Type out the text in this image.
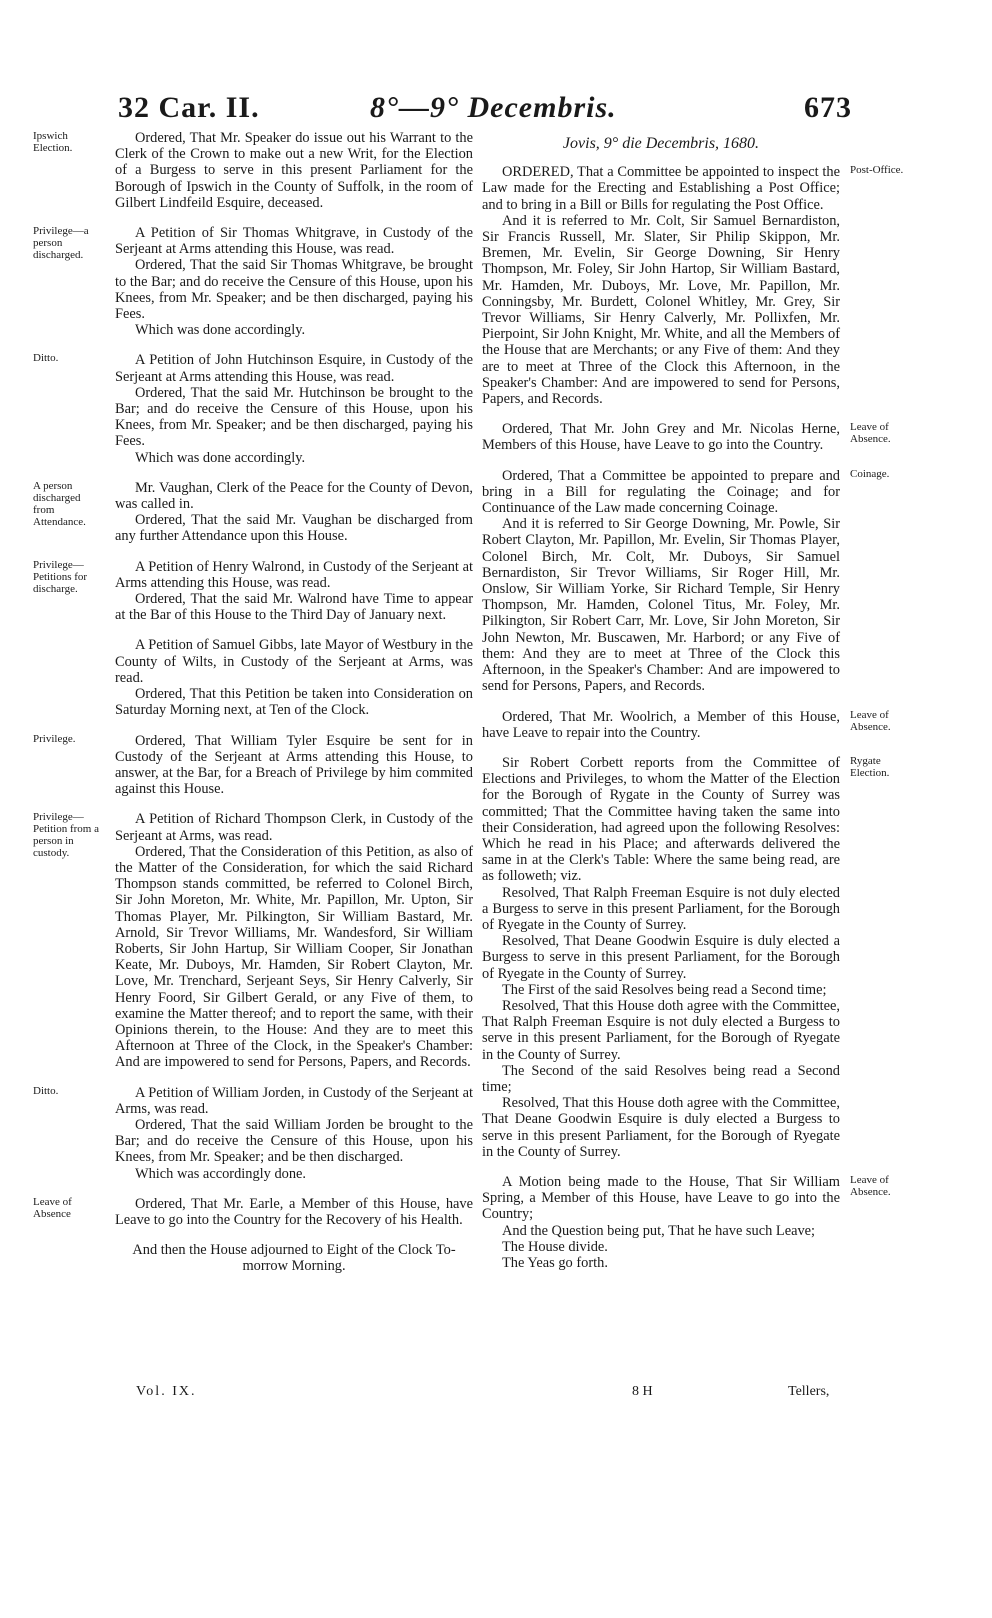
32 Car. II.	8°—9° Decembris.	673
Ipswich Election.

Ordered, That Mr. Speaker do issue out his Warrant to the Clerk of the Crown to make out a new Writ, for the Election of a Burgess to serve in this present Parliament for the Borough of Ipswich in the County of Suffolk, in the room of Gilbert Lindfeild Esquire, deceased.

Privilege—a person discharged.

A Petition of Sir Thomas Whitgrave, in Custody of the Serjeant at Arms attending this House, was read.

Ordered, That the said Sir Thomas Whitgrave, be brought to the Bar; and do receive the Censure of this House, upon his Knees, from Mr. Speaker; and be then discharged, paying his Fees.

Which was done accordingly.

Ditto.	A Petition of John Hutchinson Esquire, in Custody of the Serjeant at Arms attending this House, was read.

Ordered, That the said Mr. Hutchinson be brought to the Bar; and do receive the Censure of this House, upon his Knees, from Mr. Speaker; and be then discharged, paying his Fees.

Which was done accordingly.

A person discharged from Attendance.

Mr. Vaughan, Clerk of the Peace for the County of Devon, was called in.

Ordered, That the said Mr. Vaughan be discharged from any further Attendance upon this House.

Privilege—Petitions for discharge.

A Petition of Henry Walrond, in Custody of the Serjeant at Arms attending this House, was read.

Ordered, That the said Mr. Walrond have Time to appear at the Bar of this House to the Third Day of January next.

A Petition of Samuel Gibbs, late Mayor of Westbury in the County of Wilts, in Custody of the Serjeant at Arms, was read.

Ordered, That this Petition be taken into Consideration on Saturday Morning next, at Ten of the Clock.

Privilege.	Ordered, That William Tyler Esquire be sent for in Custody of the Serjeant at Arms attending this House, to answer, at the Bar, for a Breach of Privilege by him commited against this House.

Privilege—Petition from a person in custody.

A Petition of Richard Thompson Clerk, in Custody of the Serjeant at Arms, was read.

Ordered, That the Consideration of this Petition, as also of the Matter of the Consideration, for which the said Richard Thompson stands committed, be referred to Colonel Birch, Sir John Moreton, Mr. White, Mr. Papillon, Mr. Upton, Sir Thomas Player, Mr. Pilkington, Sir William Bastard, Mr. Arnold, Sir Trevor Williams, Mr. Wandesford, Sir William Roberts, Sir John Hartup, Sir William Cooper, Sir Jonathan Keate, Mr. Duboys, Mr. Hamden, Sir Robert Clayton, Mr. Love, Mr. Trenchard, Serjeant Seys, Sir Henry Calverly, Sir Henry Foord, Sir Gilbert Gerald, or any Five of them, to examine the Matter thereof; and to report the same, with their Opinions therein, to the House: And they are to meet this Afternoon at Three of the Clock, in the Speaker's Chamber: And are impowered to send for Persons, Papers, and Records.

Ditto.	A Petition of William Jorden, in Custody of the Serjeant at Arms, was read.

Ordered, That the said William Jorden be brought to the Bar; and do receive the Censure of this House, upon his Knees, from Mr. Speaker; and be then discharged.

Which was accordingly done.

Leave of Absence

Ordered, That Mr. Earle, a Member of this House, have Leave to go into the Country for the Recovery of his Health.

And then the House adjourned to Eight of the Clock To-morrow Morning.

Jovis, 9° die Decembris, 1680.
Post-Office.

ORDERED, That a Committee be appointed to inspect the Law made for the Erecting and Establishing a Post Office; and to bring in a Bill or Bills for regulating the Post Office.

And it is referred to Mr. Colt, Sir Samuel Bernardiston, Sir Francis Russell, Mr. Slater, Sir Philip Skippon, Mr. Bremen, Mr. Evelin, Sir George Downing, Sir Henry Thompson, Mr. Foley, Sir John Hartop, Sir William Bastard, Mr. Hamden, Mr. Duboys, Mr. Love, Mr. Papillon, Mr. Conningsby, Mr. Burdett, Colonel Whitley, Mr. Grey, Sir Trevor Williams, Sir Henry Calverly, Mr. Pollixfen, Mr. Pierpoint, Sir John Knight, Mr. White, and all the Members of the House that are Merchants; or any Five of them: And they are to meet at Three of the Clock this Afternoon, in the Speaker's Chamber: And are impowered to send for Persons, Papers, and Records.

Leave of Absence.

Ordered, That Mr. John Grey and Mr. Nicolas Herne, Members of this House, have Leave to go into the Country.

Coinage.

Ordered, That a Committee be appointed to prepare and bring in a Bill for regulating the Coinage; and for Continuance of the Law made concerning Coinage.

And it is referred to Sir George Downing, Mr. Powle, Sir Robert Clayton, Mr. Papillon, Mr. Evelin, Sir Thomas Player, Colonel Birch, Mr. Colt, Mr. Duboys, Sir Samuel Bernardiston, Sir Trevor Williams, Sir Roger Hill, Mr. Onslow, Sir William Yorke, Sir Richard Temple, Sir Henry Thompson, Mr. Hamden, Colonel Titus, Mr. Foley, Mr. Pilkington, Sir Robert Carr, Mr. Love, Sir John Moreton, Sir John Newton, Mr. Buscawen, Mr. Harbord; or any Five of them: And they are to meet at Three of the Clock this Afternoon, in the Speaker's Chamber: And are impowered to send for Persons, Papers, and Records.

Leave of Absence.

Ordered, That Mr. Woolrich, a Member of this House, have Leave to repair into the Country.

Rygate Election.

Sir Robert Corbett reports from the Committee of Elections and Privileges, to whom the Matter of the Election for the Borough of Rygate in the County of Surrey was committed; That the Committee having taken the same into their Consideration, had agreed upon the following Resolves: Which he read in his Place; and afterwards delivered the same in at the Clerk's Table: Where the same being read, are as followeth; viz.

Resolved, That Ralph Freeman Esquire is not duly elected a Burgess to serve in this present Parliament, for the Borough of Ryegate in the County of Surrey.

Resolved, That Deane Goodwin Esquire is duly elected a Burgess to serve in this present Parliament, for the Borough of Ryegate in the County of Surrey.

The First of the said Resolves being read a Second time;

Resolved, That this House doth agree with the Committee, That Ralph Freeman Esquire is not duly elected a Burgess to serve in this present Parliament, for the Borough of Ryegate in the County of Surrey.

The Second of the said Resolves being read a Second time;

Resolved, That this House doth agree with the Committee, That Deane Goodwin Esquire is duly elected a Burgess to serve in this present Parliament, for the Borough of Ryegate in the County of Surrey.

Leave of Absence.

A Motion being made to the House, That Sir William Spring, a Member of this House, have Leave to go into the Country;

And the Question being put, That he have such Leave;

The House divide.

The Yeas go forth.

Vol. IX.	8 H	Tellers,
